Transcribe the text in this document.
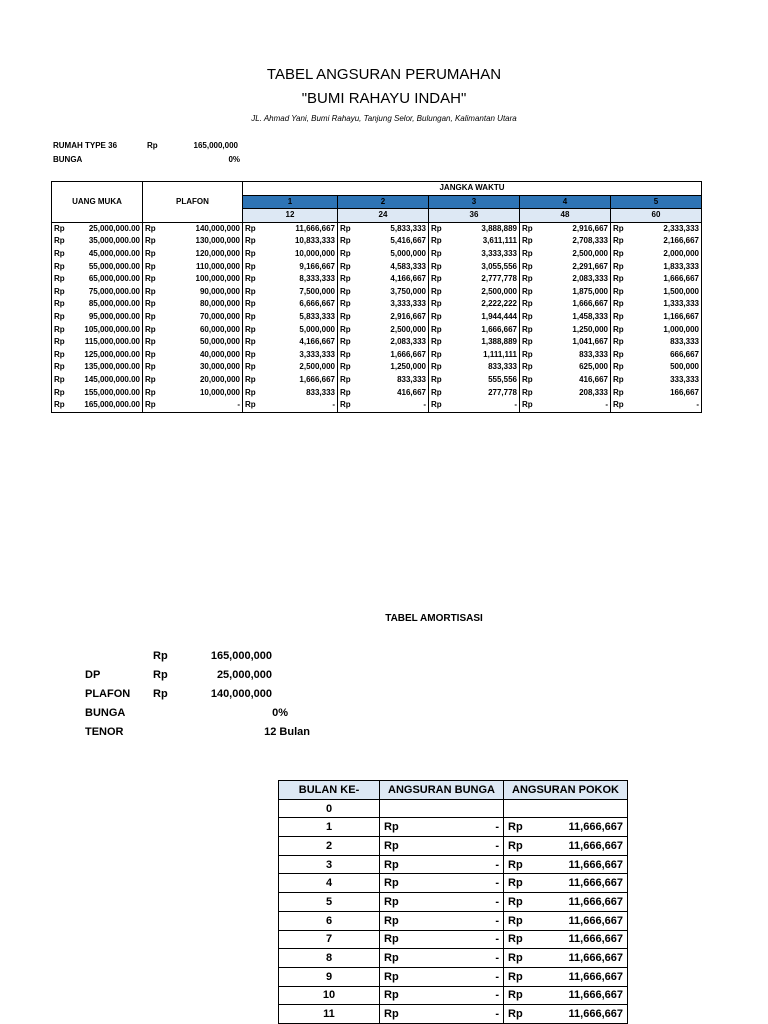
TABEL ANGSURAN PERUMAHAN
"BUMI RAHAYU INDAH"
JL. Ahmad Yani, Bumi Rahayu, Tanjung Selor, Bulungan, Kalimantan Utara
RUMAH TYPE 36	Rp	165,000,000
BUNGA	0%
UANG MUKA		PLAFON		JANGKA WAKTU									
				1		2		3		4		5	
				12		24		36		48		60	
Rp	25,000,000.00	Rp	140,000,000	Rp	11,666,667	Rp	5,833,333	Rp	3,888,889	Rp	2,916,667	Rp	2,333,333
Rp	35,000,000.00	Rp	130,000,000	Rp	10,833,333	Rp	5,416,667	Rp	3,611,111	Rp	2,708,333	Rp	2,166,667
Rp	45,000,000.00	Rp	120,000,000	Rp	10,000,000	Rp	5,000,000	Rp	3,333,333	Rp	2,500,000	Rp	2,000,000
Rp	55,000,000.00	Rp	110,000,000	Rp	9,166,667	Rp	4,583,333	Rp	3,055,556	Rp	2,291,667	Rp	1,833,333
Rp	65,000,000.00	Rp	100,000,000	Rp	8,333,333	Rp	4,166,667	Rp	2,777,778	Rp	2,083,333	Rp	1,666,667
Rp	75,000,000.00	Rp	90,000,000	Rp	7,500,000	Rp	3,750,000	Rp	2,500,000	Rp	1,875,000	Rp	1,500,000
Rp	85,000,000.00	Rp	80,000,000	Rp	6,666,667	Rp	3,333,333	Rp	2,222,222	Rp	1,666,667	Rp	1,333,333
Rp	95,000,000.00	Rp	70,000,000	Rp	5,833,333	Rp	2,916,667	Rp	1,944,444	Rp	1,458,333	Rp	1,166,667
Rp	105,000,000.00	Rp	60,000,000	Rp	5,000,000	Rp	2,500,000	Rp	1,666,667	Rp	1,250,000	Rp	1,000,000
Rp	115,000,000.00	Rp	50,000,000	Rp	4,166,667	Rp	2,083,333	Rp	1,388,889	Rp	1,041,667	Rp	833,333
Rp	125,000,000.00	Rp	40,000,000	Rp	3,333,333	Rp	1,666,667	Rp	1,111,111	Rp	833,333	Rp	666,667
Rp	135,000,000.00	Rp	30,000,000	Rp	2,500,000	Rp	1,250,000	Rp	833,333	Rp	625,000	Rp	500,000
Rp	145,000,000.00	Rp	20,000,000	Rp	1,666,667	Rp	833,333	Rp	555,556	Rp	416,667	Rp	333,333
Rp	155,000,000.00	Rp	10,000,000	Rp	833,333	Rp	416,667	Rp	277,778	Rp	208,333	Rp	166,667
Rp	165,000,000.00	Rp	-	Rp	-	Rp	-	Rp	-	Rp	-	Rp	-
TABEL AMORTISASI
Rp	165,000,000
DP	Rp	25,000,000
PLAFON Rp	140,000,000
BUNGA	0%
TENOR	12 Bulan
BULAN KE-	ANGSURAN BUNGA	ANGSURAN POKOK
0		
1	Rp -	Rp 11,666,667

2	Rp -	Rp 11,666,667

3	Rp -	Rp 11,666,667

4	Rp -	Rp 11,666,667

5	Rp -	Rp 11,666,667

6	Rp -	Rp 11,666,667

7	Rp -	Rp 11,666,667

8	Rp -	Rp 11,666,667

9	Rp -	Rp 11,666,667

10	Rp -	Rp 11,666,667

11	Rp -	Rp 11,666,667
